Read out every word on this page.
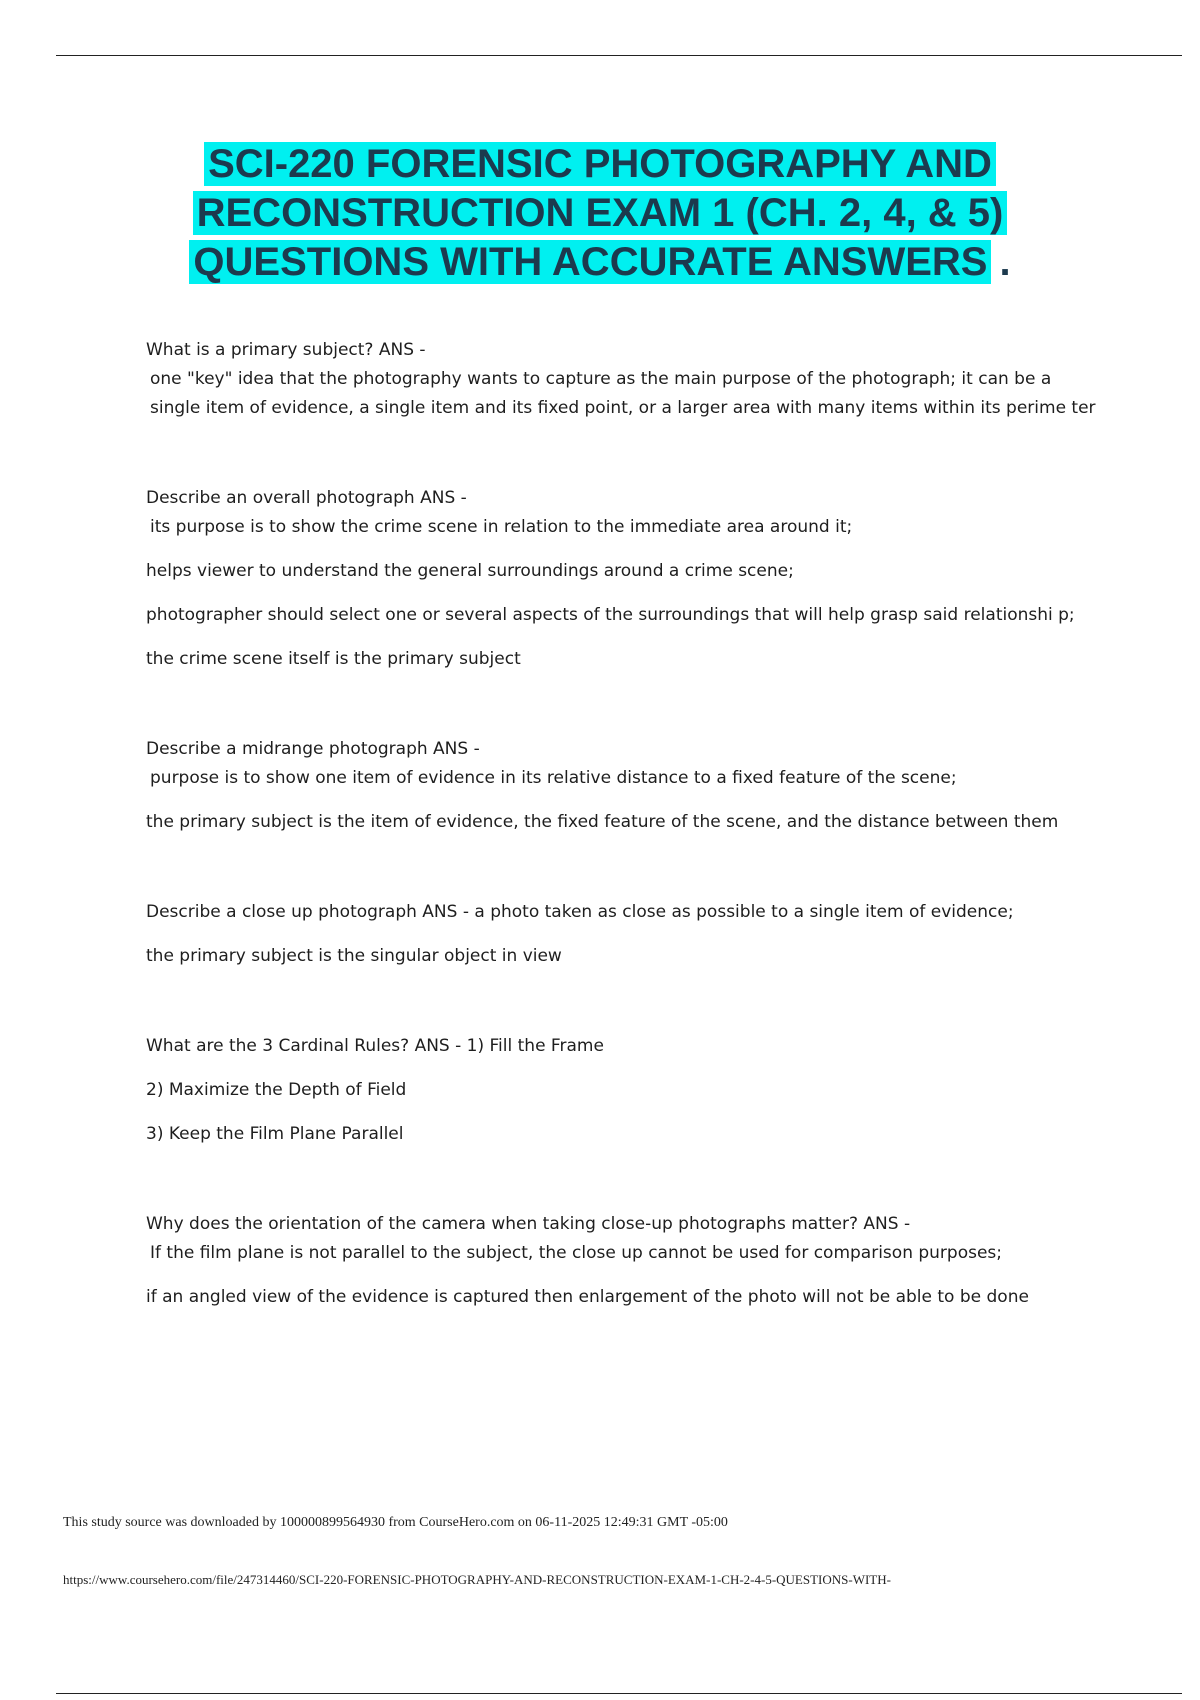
SCI-220 FORENSIC PHOTOGRAPHY AND
RECONSTRUCTION EXAM 1 (CH. 2, 4, & 5)
QUESTIONS WITH ACCURATE ANSWERS .
What is a primary subject? ANS -
one "key" idea that the photography wants to capture as the main purpose of the photograph; it can be a single item of evidence, a single item and its fixed point, or a larger area with many items within its perime ter
Describe an overall photograph ANS -
its purpose is to show the crime scene in relation to the immediate area around it;
helps viewer to understand the general surroundings around a crime scene;
photographer should select one or several aspects of the surroundings that will help grasp said relationshi p;
the crime scene itself is the primary subject
Describe a midrange photograph ANS -
purpose is to show one item of evidence in its relative distance to a fixed feature of the scene;
the primary subject is the item of evidence, the fixed feature of the scene, and the distance between them
Describe a close up photograph ANS - a photo taken as close as possible to a single item of evidence;
the primary subject is the singular object in view
What are the 3 Cardinal Rules? ANS - 1) Fill the Frame
2) Maximize the Depth of Field
3) Keep the Film Plane Parallel
Why does the orientation of the camera when taking close-up photographs matter? ANS -
If the film plane is not parallel to the subject, the close up cannot be used for comparison purposes;
if an angled view of the evidence is captured then enlargement of the photo will not be able to be done
This study source was downloaded by 100000899564930 from CourseHero.com on 06-11-2025 12:49:31 GMT -05:00
https://www.coursehero.com/file/247314460/SCI-220-FORENSIC-PHOTOGRAPHY-AND-RECONSTRUCTION-EXAM-1-CH-2-4-5-QUESTIONS-WITH-
